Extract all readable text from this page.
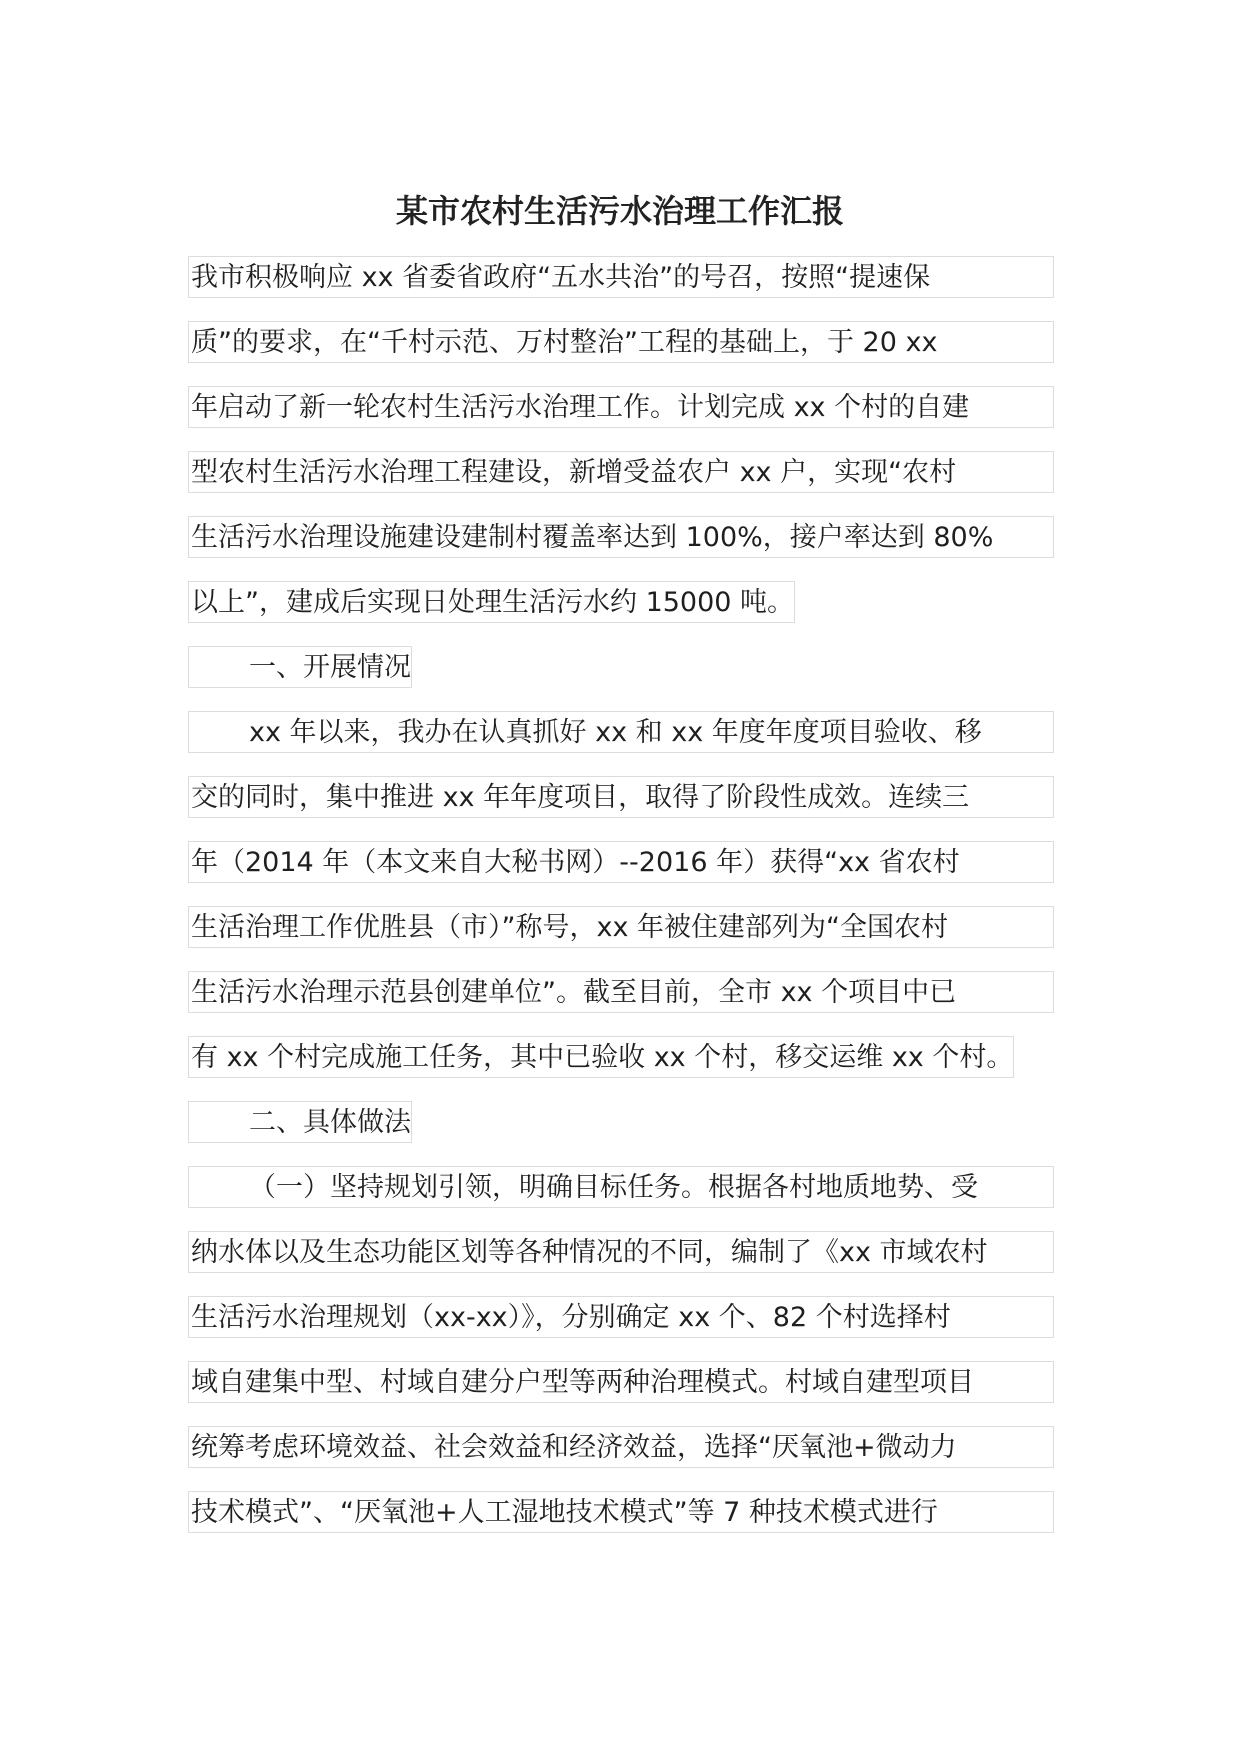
某市农村生活污水治理工作汇报
我市积极响应 xx 省委省政府“五水共治”的号召，按照“提速保
质”的要求，在“千村示范、万村整治”工程的基础上，于 20 xx
年启动了新一轮农村生活污水治理工作。计划完成 xx 个村的自建
型农村生活污水治理工程建设，新增受益农户 xx 户，实现“农村
生活污水治理设施建设建制村覆盖率达到 100%，接户率达到 80%
以上”，建成后实现日处理生活污水约 15000 吨。
一、开展情况
xx 年以来，我办在认真抓好 xx 和 xx 年度年度项目验收、移
交的同时，集中推进 xx 年年度项目，取得了阶段性成效。连续三
年（2014 年（本文来自大秘书网）--2016 年）获得“xx 省农村
生活治理工作优胜县（市）”称号，xx 年被住建部列为“全国农村
生活污水治理示范县创建单位”。截至目前，全市 xx 个项目中已
有 xx 个村完成施工任务，其中已验收 xx 个村，移交运维 xx 个村。
二、具体做法
（一）坚持规划引领，明确目标任务。根据各村地质地势、受
纳水体以及生态功能区划等各种情况的不同，编制了《xx 市域农村
生活污水治理规划（xx-xx）》，分别确定 xx 个、82 个村选择村
域自建集中型、村域自建分户型等两种治理模式。村域自建型项目
统筹考虑环境效益、社会效益和经济效益，选择“厌氧池+微动力
技术模式”、“厌氧池+人工湿地技术模式”等 7 种技术模式进行
